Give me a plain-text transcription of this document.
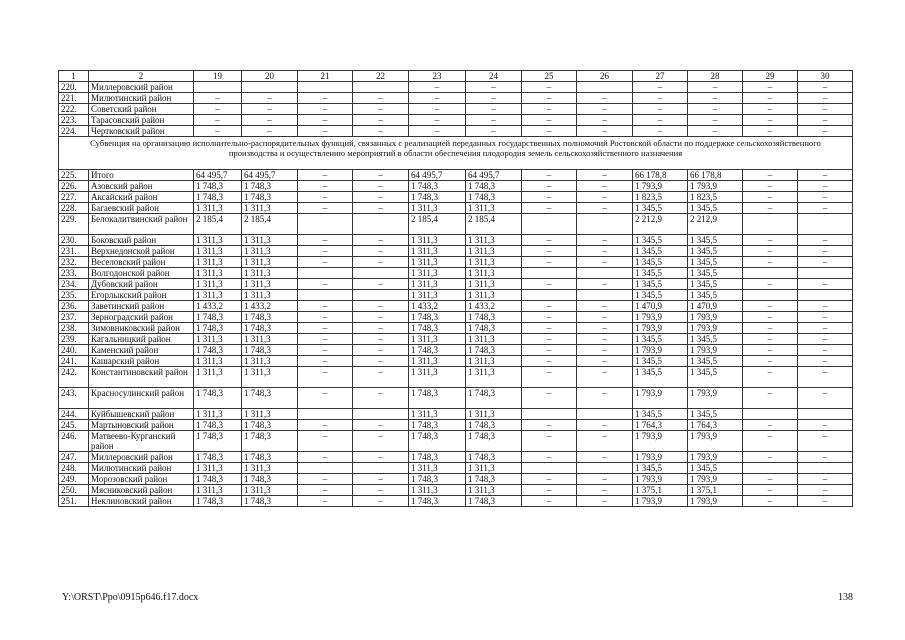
1	2	19	20	21	22	23	24	25	26	27	28	29	30
220.	Миллеровский район					–	–	–		–	–	–	–
221.	Милютинский район	–	–	–	–	–	–	–	–	–	–	–	–
222.	Советский район	–	–	–	–	–	–	–	–	–	–	–	–
223.	Тарасовский район	–	–	–	–	–	–	–	–	–	–	–	–
224.	Чертковский район	–	–	–	–	–	–	–	–	–	–	–	–
Субвенция на организацию исполнительно-распорядительных функций, связанных с реализацией переданных государственных полномочий Ростовской области по поддержке сельскохозяйственного производства и осуществлению мероприятий в области обеспечения плодородия земель сельскохозяйственного назначения													
225.	Итого	64 495,7	64 495,7	–	–	64 495,7	64 495,7	–	–	66 178,8	66 178,8	–	–
226.	Азовский район	1 748,3	1 748,3	–	–	1 748,3	1 748,3	–	–	1 793,9	1 793,9	–	–
227.	Аксайский район	1 748,3	1 748,3	–	–	1 748,3	1 748,3	–	–	1 823,5	1 823,5	–	–
228.	Багаевский район	1 311,3	1 311,3	–	–	1 311,3	1 311,3	–	–	1 345,5	1 345,5	–	–
229.	Белокалитвинский район	2 185,4	2 185,4			2 185,4	2 185,4			2 212,9	2 212,9		
230.	Боковский район	1 311,3	1 311,3	–	–	1 311,3	1 311,3	–	–	1 345,5	1 345,5	–	–
231.	Верхнедонской район	1 311,3	1 311,3	–	–	1 311,3	1 311,3	–	–	1 345,5	1 345,5	–	–
232.	Веселовский район	1 311,3	1 311,3	–	–	1 311,3	1 311,3	–	–	1 345,5	1 345,5	–	–
233.	Волгодонской район	1 311,3	1 311,3			1 311,3	1 311,3			1 345,5	1 345,5		
234.	Дубовский район	1 311,3	1 311,3	–	–	1 311,3	1 311,3	–	–	1 345,5	1 345,5	–	–
235.	Егорлыкский район	1 311,3	1 311,3			1 311,3	1 311,3			1 345,5	1 345,5		
236.	Заветинский район	1 433,2	1 433,2	–	–	1 433,2	1 433,2	–	–	1 470,9	1 470,9	–	–
237.	Зерноградский район	1 748,3	1 748,3	–	–	1 748,3	1 748,3	–	–	1 793,9	1 793,9	–	–
238.	Зимовниковский район	1 748,3	1 748,3	–	–	1 748,3	1 748,3	–	–	1 793,9	1 793,9	–	–
239.	Кагальницкий район	1 311,3	1 311,3	–	–	1 311,3	1 311,3	–	–	1 345,5	1 345,5	–	–
240.	Каменский район	1 748,3	1 748,3	–	–	1 748,3	1 748,3	–	–	1 793,9	1 793,9	–	–
241.	Кашарский район	1 311,3	1 311,3	–	–	1 311,3	1 311,3	–	–	1 345,5	1 345,5	–	–
242.	Константиновский район	1 311,3	1 311,3	–	–	1 311,3	1 311,3	–	–	1 345,5	1 345,5	–	–
243.	Красносулинский район	1 748,3	1 748,3	–	–	1 748,3	1 748,3	–	–	1 793,9	1 793,9	–	–
244.	Куйбышевский район	1 311,3	1 311,3			1 311,3	1 311,3			1 345,5	1 345,5		
245.	Мартыновский район	1 748,3	1 748,3	–	–	1 748,3	1 748,3	–	–	1 764,3	1 764,3	–	–
246.	Матвеево-Курганский район	1 748,3	1 748,3	–	–	1 748,3	1 748,3	–	–	1 793,9	1 793,9	–	–
247.	Миллеровский район	1 748,3	1 748,3	–	–	1 748,3	1 748,3	–	–	1 793,9	1 793,9	–	–
248.	Милютинский район	1 311,3	1 311,3			1 311,3	1 311,3			1 345,5	1 345,5		
249.	Морозовский район	1 748,3	1 748,3	–	–	1 748,3	1 748,3	–	–	1 793,9	1 793,9	–	–
250.	Мясниковский район	1 311,3	1 311,3	–	–	1 311,3	1 311,3	–	–	1 375,1	1 375,1	–	–
251.	Неклиновский район	1 748,3	1 748,3	–	–	1 748,3	1 748,3	–	–	1 793,9	1 793,9	–	–
Y:\ORST\Ppo\0915p646.f17.docx	138
